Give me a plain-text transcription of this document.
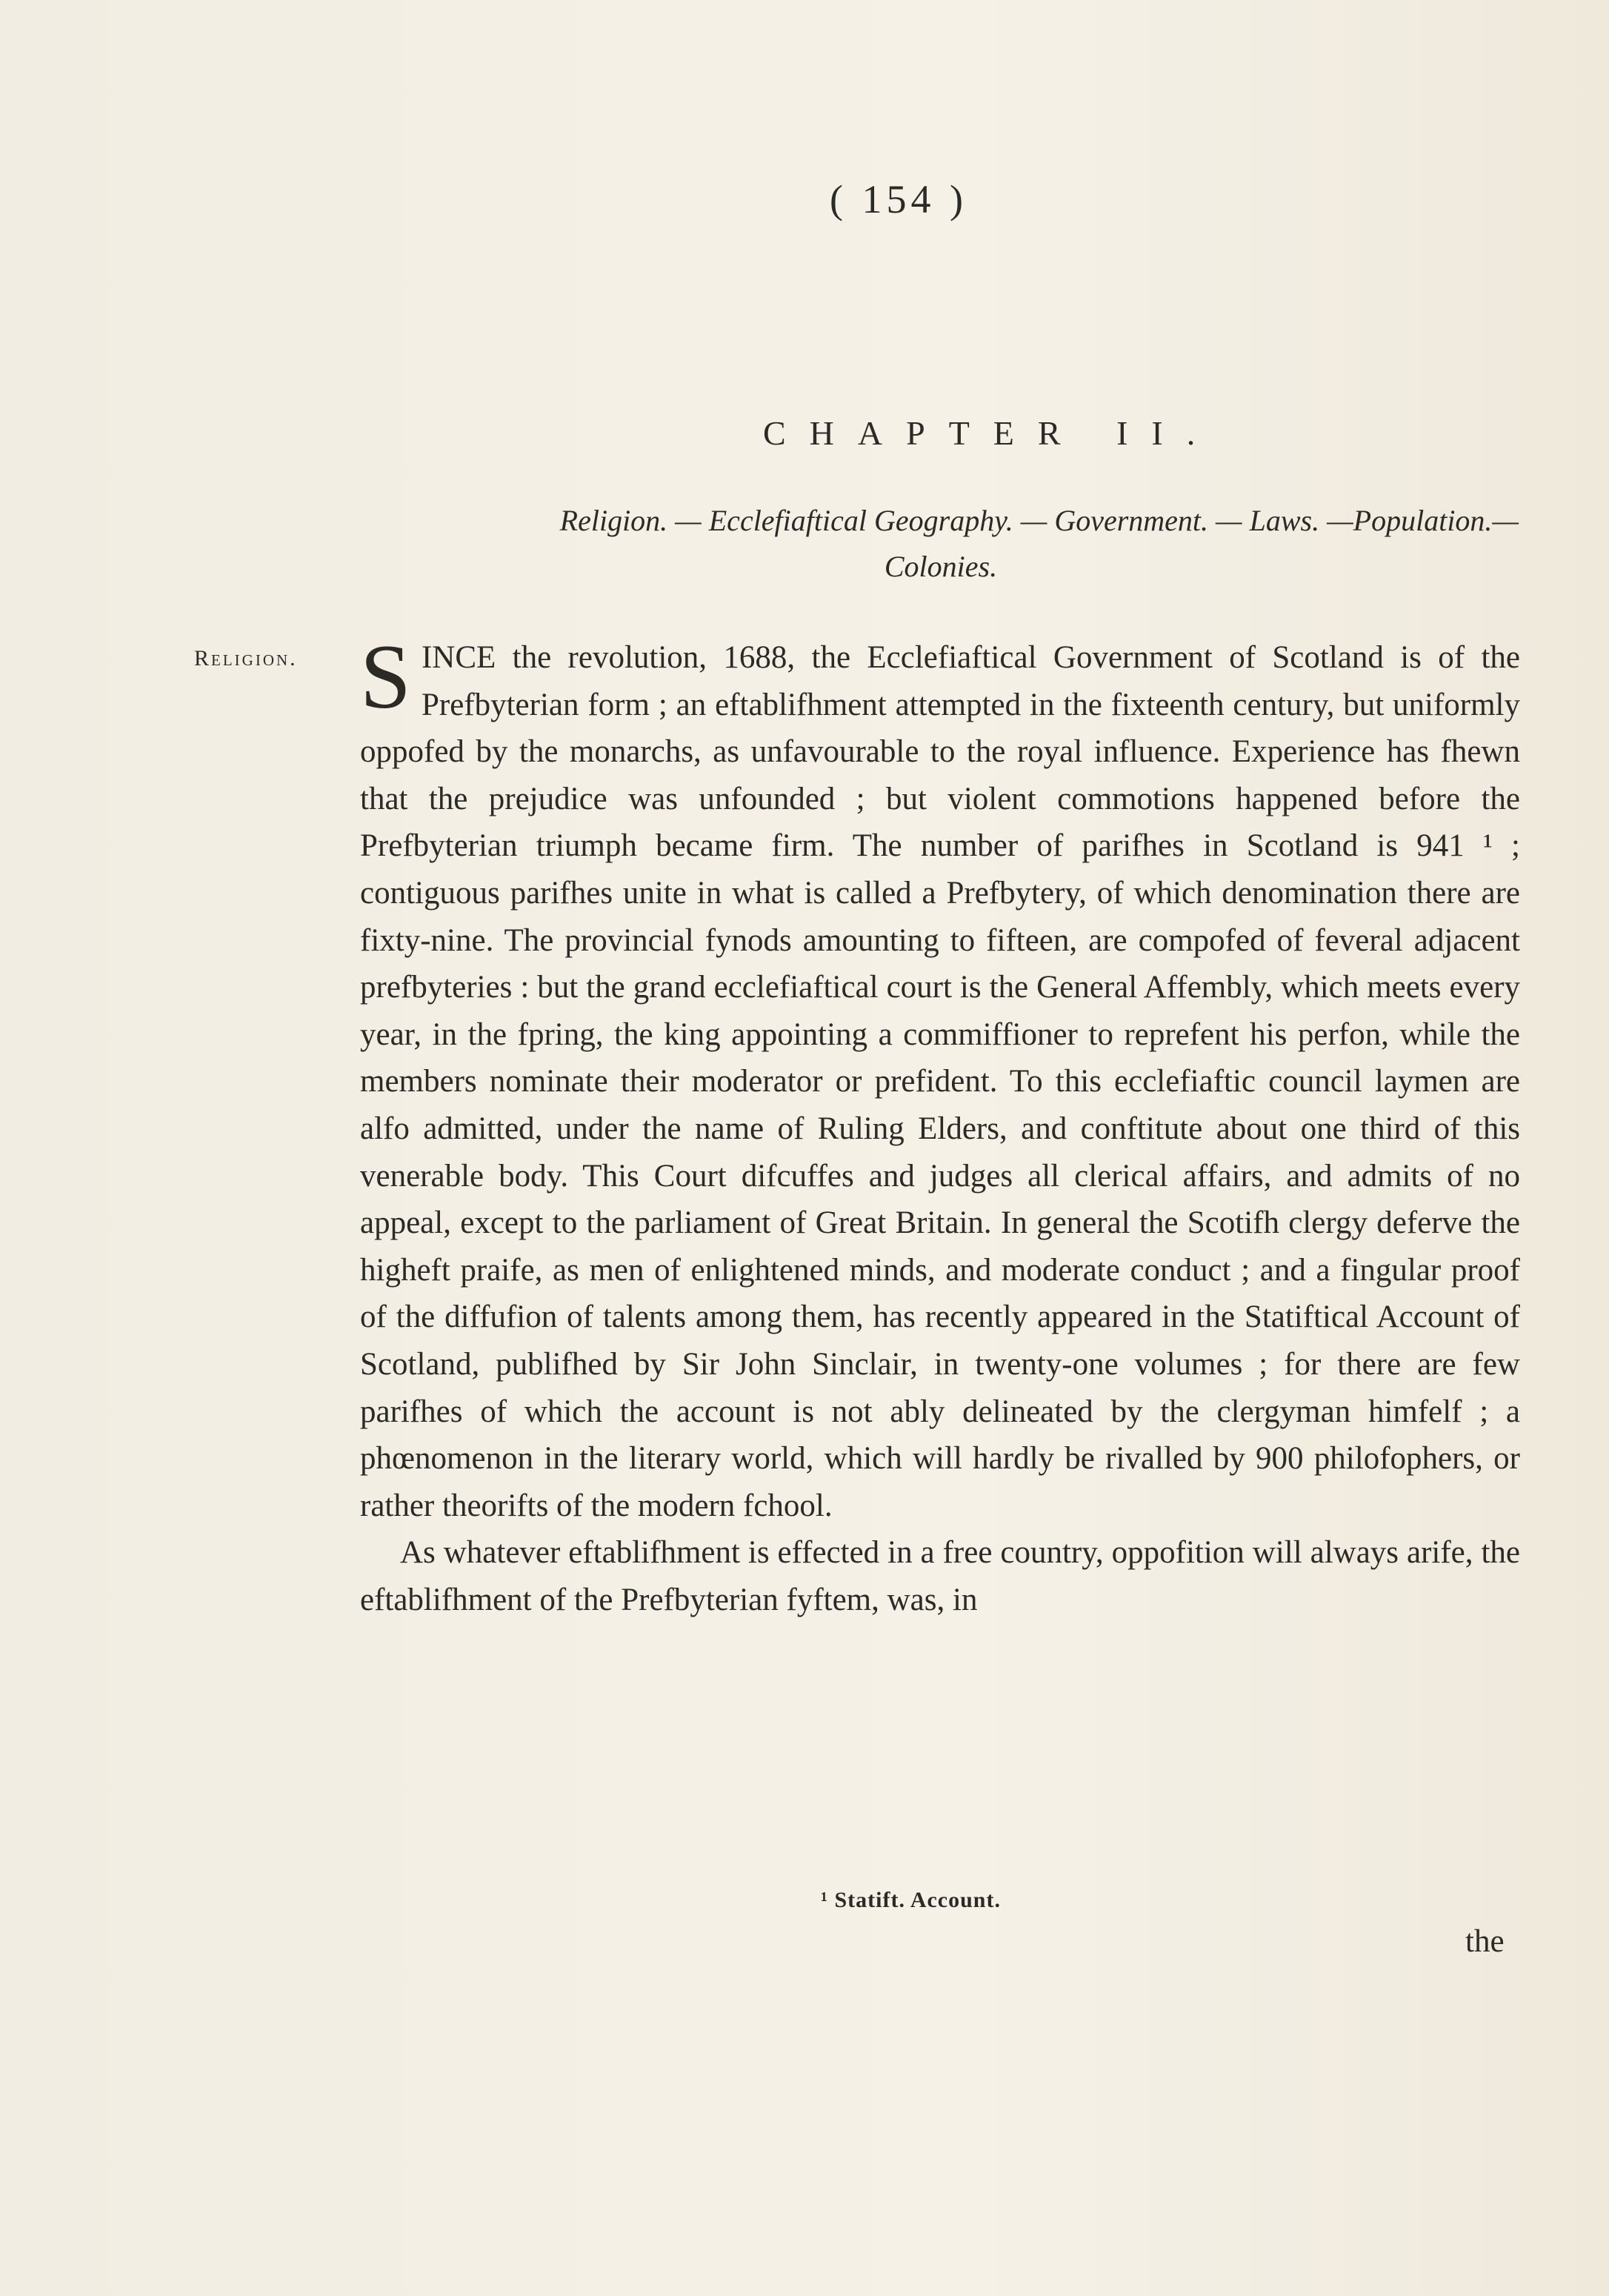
( 154 )
CHAPTER II.
Religion. — Ecclefiaftical Geography. — Government. — Laws. —Population.—
Colonies.
Religion. S INCE the revolution, 1688, the Ecclefiaftical Government of Scotland is of the Prefbyterian form ; an eftablifhment attempted in the fixteenth century, but uniformly oppofed by the monarchs, as unfavourable to the royal influence. Experience has fhewn that the prejudice was unfounded ; but violent commotions happened before the Prefbyterian triumph became firm. The number of parifhes in Scotland is 941 ¹ ; contiguous parifhes unite in what is called a Prefbytery, of which denomination there are fixty-nine. The provincial fynods amounting to fifteen, are compofed of feveral adjacent prefbyteries : but the grand ecclefiaftical court is the General Affembly, which meets every year, in the fpring, the king appointing a commiffioner to reprefent his perfon, while the members nominate their moderator or prefident. To this ecclefiaftic council laymen are alfo admitted, under the name of Ruling Elders, and conftitute about one third of this venerable body. This Court difcuffes and judges all clerical affairs, and admits of no appeal, except to the parliament of Great Britain. In general the Scotifh clergy deferve the higheft praife, as men of enlightened minds, and moderate conduct ; and a fingular proof of the diffufion of talents among them, has recently appeared in the Statiftical Account of Scotland, publifhed by Sir John Sinclair, in twenty-one volumes ; for there are few parifhes of which the account is not ably delineated by the clergyman himfelf ; a phœnomenon in the literary world, which will hardly be rivalled by 900 philofophers, or rather theorifts of the modern fchool.

As whatever eftablifhment is effected in a free country, oppofition will always arife, the eftablifhment of the Prefbyterian fyftem, was, in

¹ Statift. Account.
the
